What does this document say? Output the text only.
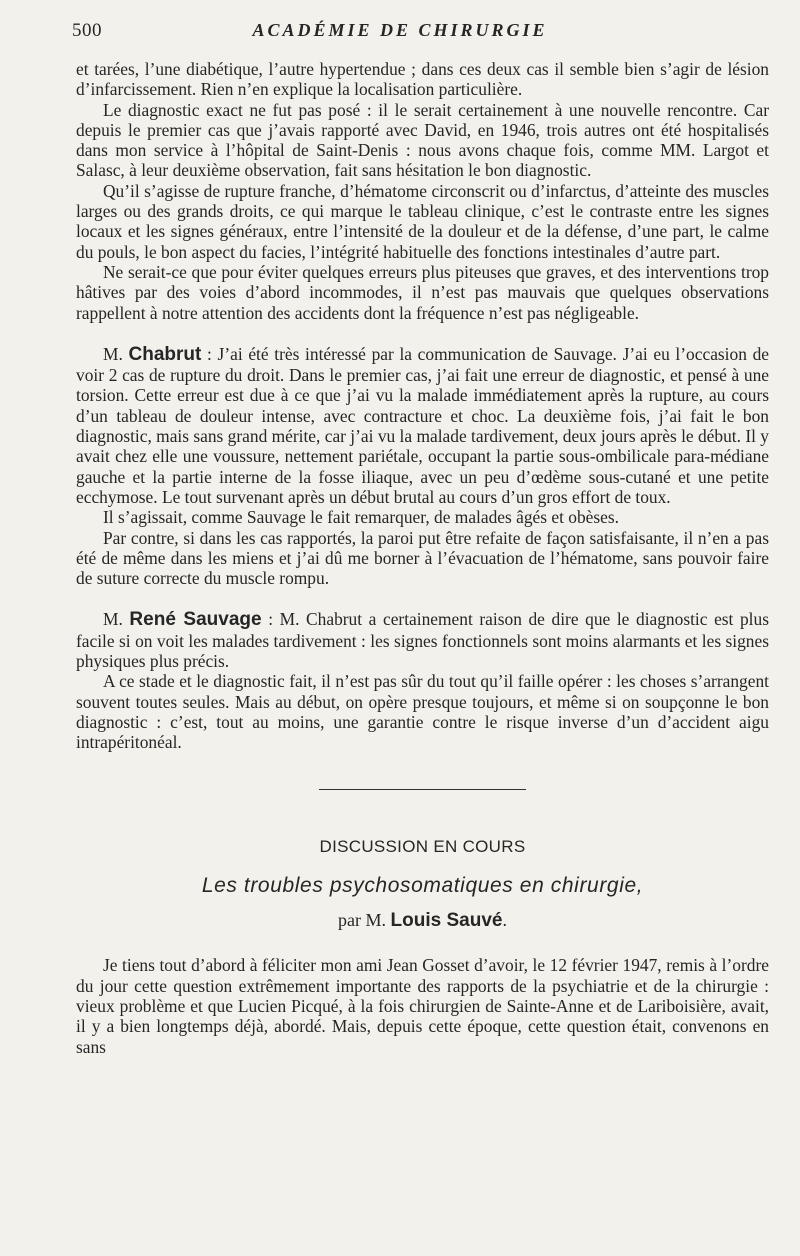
500	ACADÉMIE DE CHIRURGIE

et tarées, l’une diabétique, l’autre hypertendue ; dans ces deux cas il semble bien s’agir de lésion d’infarcissement. Rien n’en explique la localisation particulière.

Le diagnostic exact ne fut pas posé : il le serait certainement à une nouvelle rencontre. Car depuis le premier cas que j’avais rapporté avec David, en 1946, trois autres ont été hospitalisés dans mon service à l’hôpital de Saint-Denis : nous avons chaque fois, comme MM. Largot et Salasc, à leur deuxième observation, fait sans hésitation le bon diagnostic.

Qu’il s’agisse de rupture franche, d’hématome circonscrit ou d’infarctus, d’atteinte des muscles larges ou des grands droits, ce qui marque le tableau clinique, c’est le contraste entre les signes locaux et les signes généraux, entre l’intensité de la douleur et de la défense, d’une part, le calme du pouls, le bon aspect du facies, l’intégrité habituelle des fonctions intestinales d’autre part.

Ne serait-ce que pour éviter quelques erreurs plus piteuses que graves, et des interventions trop hâtives par des voies d’abord incommodes, il n’est pas mauvais que quelques observations rappellent à notre attention des accidents dont la fréquence n’est pas négligeable.

M. Chabrut : J’ai été très intéressé par la communication de Sauvage. J’ai eu l’occasion de voir 2 cas de rupture du droit. Dans le premier cas, j’ai fait une erreur de diagnostic, et pensé à une torsion. Cette erreur est due à ce que j’ai vu la malade immédiatement après la rupture, au cours d’un tableau de douleur intense, avec contracture et choc. La deuxième fois, j’ai fait le bon diagnostic, mais sans grand mérite, car j’ai vu la malade tardivement, deux jours après le début. Il y avait chez elle une voussure, nettement pariétale, occupant la partie sous-ombilicale para-médiane gauche et la partie interne de la fosse iliaque, avec un peu d’œdème sous-cutané et une petite ecchymose. Le tout survenant après un début brutal au cours d’un gros effort de toux.

Il s’agissait, comme Sauvage le fait remarquer, de malades âgés et obèses.

Par contre, si dans les cas rapportés, la paroi put être refaite de façon satisfaisante, il n’en a pas été de même dans les miens et j’ai dû me borner à l’évacuation de l’hématome, sans pouvoir faire de suture correcte du muscle rompu.

M. René Sauvage : M. Chabrut a certainement raison de dire que le diagnostic est plus facile si on voit les malades tardivement : les signes fonctionnels sont moins alarmants et les signes physiques plus précis.

A ce stade et le diagnostic fait, il n’est pas sûr du tout qu’il faille opérer : les choses s’arrangent souvent toutes seules. Mais au début, on opère presque toujours, et même si on soupçonne le bon diagnostic : c’est, tout au moins, une garantie contre le risque inverse d’un d’accident aigu intrapéritonéal.

DISCUSSION EN COURS
Les troubles psychosomatiques en chirurgie,
par M. Louis Sauvé.

Je tiens tout d’abord à féliciter mon ami Jean Gosset d’avoir, le 12 février 1947, remis à l’ordre du jour cette question extrêmement importante des rapports de la psychiatrie et de la chirurgie : vieux problème et que Lucien Picqué, à la fois chirurgien de Sainte-Anne et de Lariboisière, avait, il y a bien longtemps déjà, abordé. Mais, depuis cette époque, cette question était, convenons en sans
